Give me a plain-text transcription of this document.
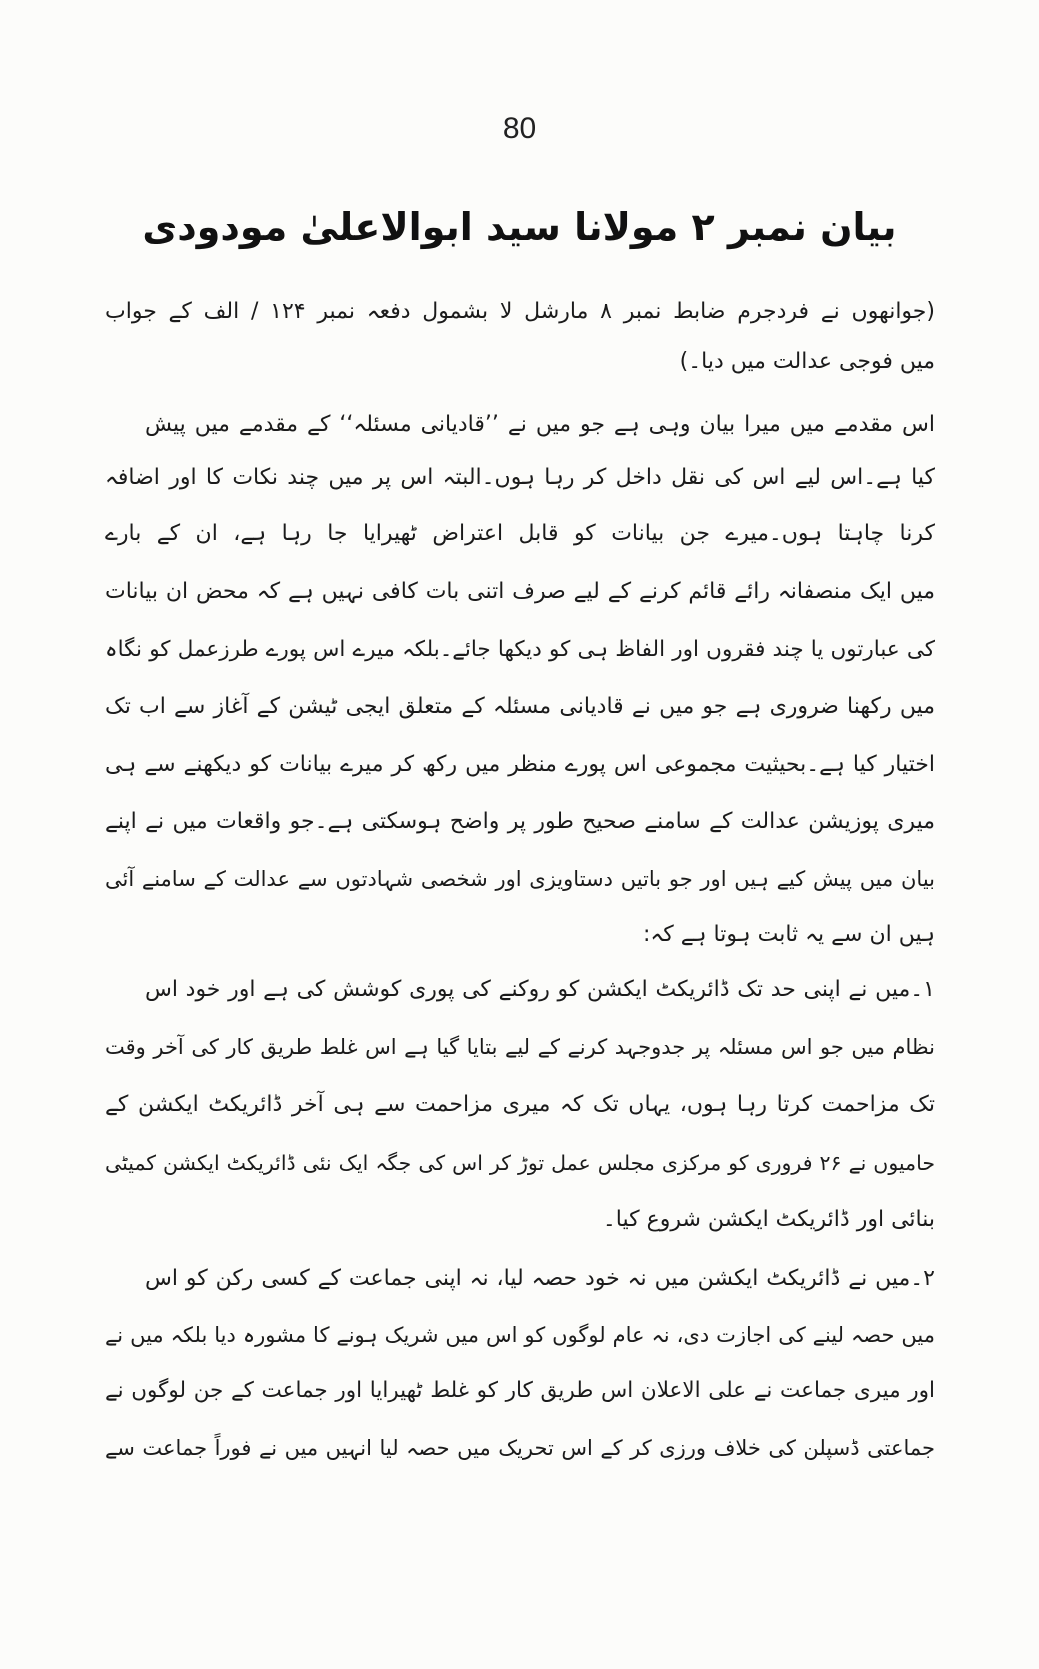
80
بیان نمبر ۲ مولانا سید ابوالاعلیٰ مودودی
(جوانھوں نے فردجرم ضابط نمبر ۸ مارشل لا بشمول دفعہ نمبر ۱۲۴ / الف کے جواب
میں فوجی عدالت میں دیا۔)
اس مقدمے میں میرا بیان وہی ہے جو میں نے ’’قادیانی مسئلہ‘‘ کے مقدمے میں پیش
کیا ہے۔اس لیے اس کی نقل داخل کر رہا ہوں۔البتہ اس پر میں چند نکات کا اور اضافہ
کرنا چاہتا ہوں۔میرے جن بیانات کو قابل اعتراض ٹھیرایا جا رہا ہے، ان کے بارے
میں ایک منصفانہ رائے قائم کرنے کے لیے صرف اتنی بات کافی نہیں ہے کہ محض ان بیانات
کی عبارتوں یا چند فقروں اور الفاظ ہی کو دیکھا جائے۔بلکہ میرے اس پورے طرزعمل کو نگاہ
میں رکھنا ضروری ہے جو میں نے قادیانی مسئلہ کے متعلق ایجی ٹیشن کے آغاز سے اب تک
اختیار کیا ہے۔بحیثیت مجموعی اس پورے منظر میں رکھ کر میرے بیانات کو دیکھنے سے ہی
میری پوزیشن عدالت کے سامنے صحیح طور پر واضح ہوسکتی ہے۔جو واقعات میں نے اپنے
بیان میں پیش کیے ہیں اور جو باتیں دستاویزی اور شخصی شہادتوں سے عدالت کے سامنے آئی
ہیں ان سے یہ ثابت ہوتا ہے کہ:
۱۔میں نے اپنی حد تک ڈائریکٹ ایکشن کو روکنے کی پوری کوشش کی ہے اور خود اس
نظام میں جو اس مسئلہ پر جدوجہد کرنے کے لیے بتایا گیا ہے اس غلط طریق کار کی آخر وقت
تک مزاحمت کرتا رہا ہوں، یہاں تک کہ میری مزاحمت سے ہی آخر ڈائریکٹ ایکشن کے
حامیوں نے ۲۶ فروری کو مرکزی مجلس عمل توڑ کر اس کی جگہ ایک نئی ڈائریکٹ ایکشن کمیٹی
بنائی اور ڈائریکٹ ایکشن شروع کیا۔
۲۔میں نے ڈائریکٹ ایکشن میں نہ خود حصہ لیا، نہ اپنی جماعت کے کسی رکن کو اس
میں حصہ لینے کی اجازت دی، نہ عام لوگوں کو اس میں شریک ہونے کا مشورہ دیا بلکہ میں نے
اور میری جماعت نے علی الاعلان اس طریق کار کو غلط ٹھیرایا اور جماعت کے جن لوگوں نے
جماعتی ڈسپلن کی خلاف ورزی کر کے اس تحریک میں حصہ لیا انہیں میں نے فوراً جماعت سے
